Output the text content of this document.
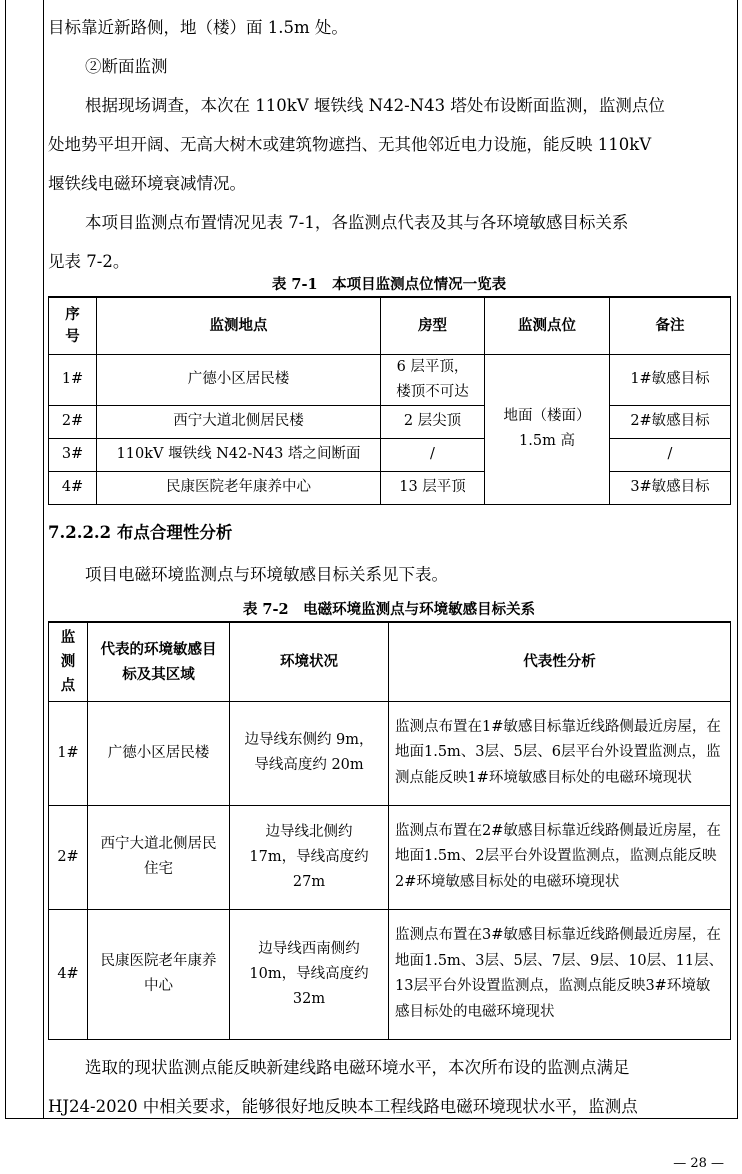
目标靠近新路侧，地（楼）面 1.5m 处。

②断面监测

根据现场调查，本次在 110kV 堰铁线 N42-N43 塔处布设断面监测，监测点位

处地势平坦开阔、无高大树木或建筑物遮挡、无其他邻近电力设施，能反映 110kV

堰铁线电磁环境衰减情况。

本项目监测点布置情况见表 7-1，各监测点代表及其与各环境敏感目标关系

见表 7-2。

表 7-1　本项目监测点位情况一览表

序号	监测地点	房型	监测点位	备注
1#	广德小区居民楼	6 层平顶，楼顶不可达	地面（楼面）1.5m 高	1#敏感目标
2#	西宁大道北侧居民楼	2 层尖顶		2#敏感目标
3#	110kV 堰铁线 N42-N43 塔之间断面	/		/
4#	民康医院老年康养中心	13 层平顶		3#敏感目标

7.2.2.2 布点合理性分析

项目电磁环境监测点与环境敏感目标关系见下表。

表 7-2　电磁环境监测点与环境敏感目标关系

监测点	代表的环境敏感目标及其区域	环境状况	代表性分析
1#	广德小区居民楼	边导线东侧约 9m，导线高度约 20m	监测点布置在1#敏感目标靠近线路侧最近房屋，在地面1.5m、3层、5层、6层平台外设置监测点，监测点能反映1#环境敏感目标处的电磁环境现状
2#	西宁大道北侧居民住宅	边导线北侧约 17m，导线高度约 27m	监测点布置在2#敏感目标靠近线路侧最近房屋，在地面1.5m、2层平台外设置监测点，监测点能反映2#环境敏感目标处的电磁环境现状
4#	民康医院老年康养中心	边导线西南侧约 10m，导线高度约 32m	监测点布置在3#敏感目标靠近线路侧最近房屋，在地面1.5m、3层、5层、7层、9层、10层、11层、13层平台外设置监测点，监测点能反映3#环境敏感目标处的电磁环境现状

选取的现状监测点能反映新建线路电磁环境水平，本次所布设的监测点满足

HJ24-2020 中相关要求，能够很好地反映本工程线路电磁环境现状水平，监测点

— 28 —
